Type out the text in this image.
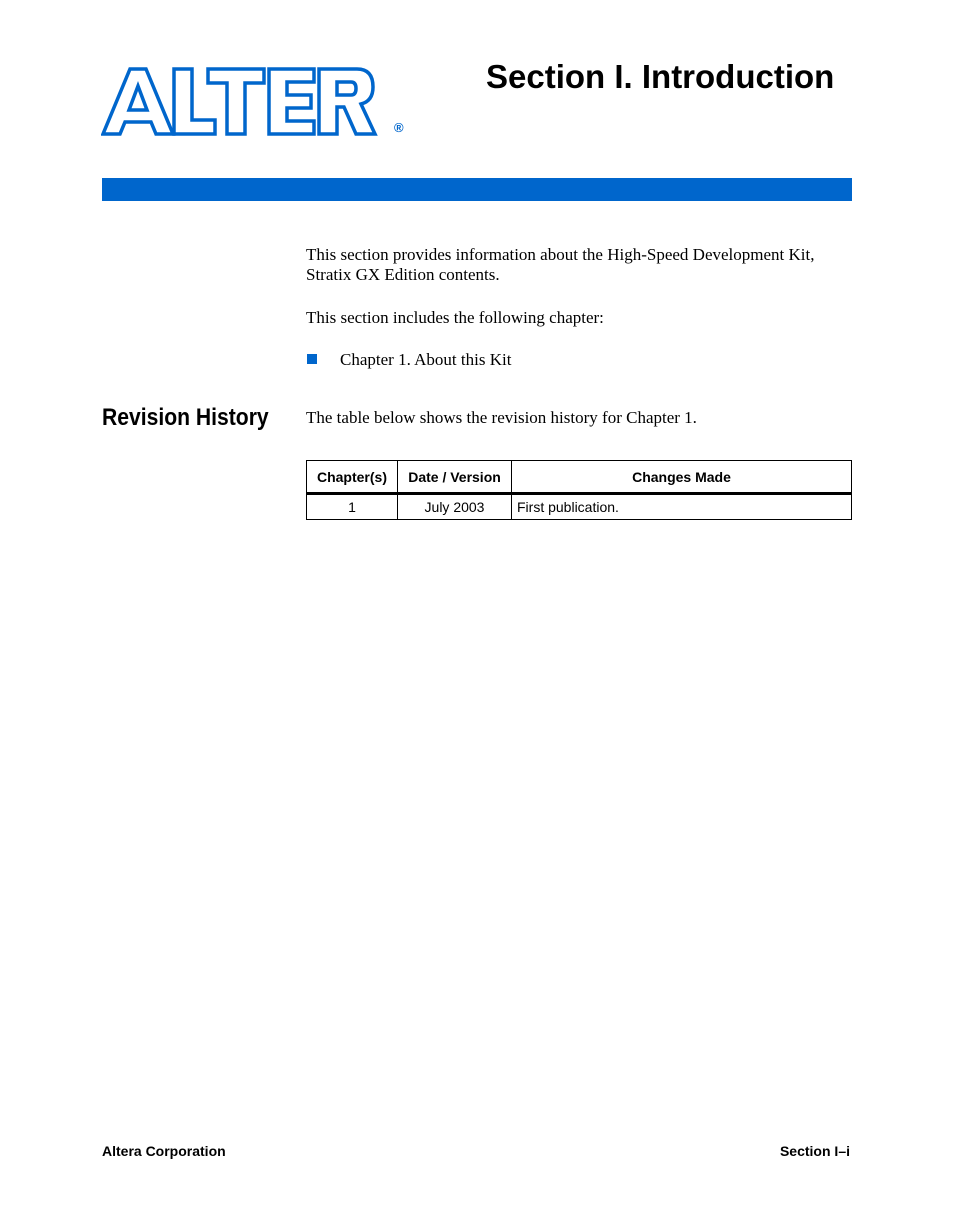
®
Section I. Introduction

This section provides information about the High-Speed Development Kit, Stratix GX Edition contents.

This section includes the following chapter:

Chapter 1. About this Kit
Revision History The table below shows the revision history for Chapter 1.

Chapter(s)	Date / Version	Changes Made
1	July 2003	First publication.
Altera Corporation	Section I–i
